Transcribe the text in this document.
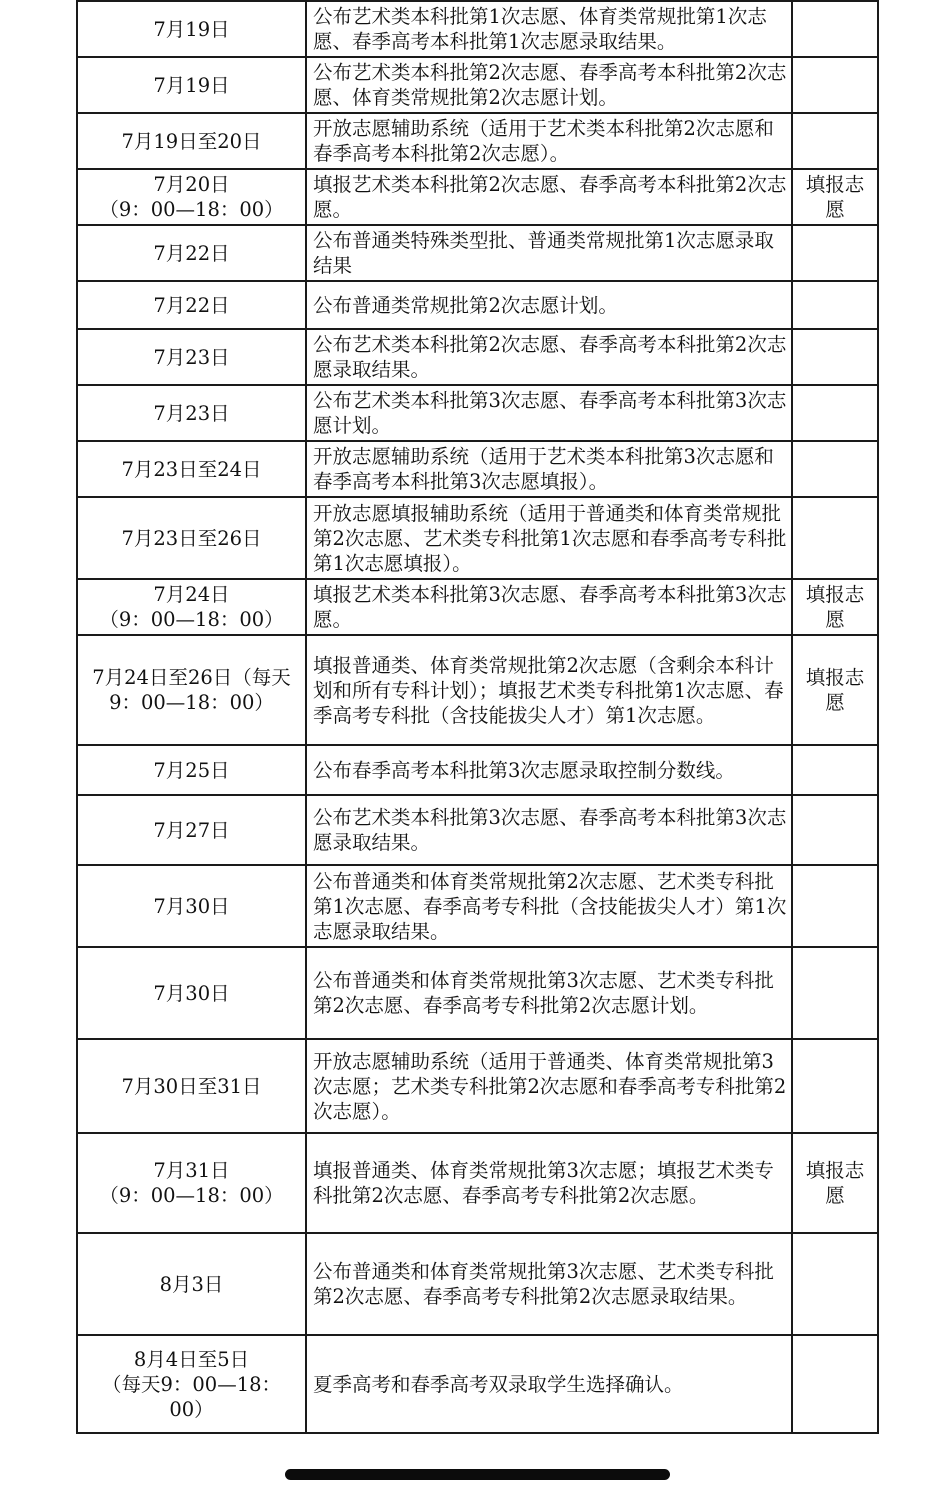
7月19日	公布艺术类本科批第1次志愿、体育类常规批第1次志愿、春季高考本科批第1次志愿录取结果。	

7月19日	公布艺术类本科批第2次志愿、春季高考本科批第2次志愿、体育类常规批第2次志愿计划。	

7月19日至20日	开放志愿辅助系统（适用于艺术类本科批第2次志愿和春季高考本科批第2次志愿）。	

7月20日
（9：00—18：00）	填报艺术类本科批第2次志愿、春季高考本科批第2次志愿。	填报志愿

7月22日	公布普通类特殊类型批、普通类常规批第1次志愿录取结果	

7月22日	公布普通类常规批第2次志愿计划。	

7月23日	公布艺术类本科批第2次志愿、春季高考本科批第2次志愿录取结果。	

7月23日	公布艺术类本科批第3次志愿、春季高考本科批第3次志愿计划。	

7月23日至24日	开放志愿辅助系统（适用于艺术类本科批第3次志愿和春季高考本科批第3次志愿填报）。	

7月23日至26日	开放志愿填报辅助系统（适用于普通类和体育类常规批第2次志愿、艺术类专科批第1次志愿和春季高考专科批第1次志愿填报）。	

7月24日
（9：00—18：00）	填报艺术类本科批第3次志愿、春季高考本科批第3次志愿。	填报志愿

7月24日至26日（每天
9：00—18：00）	填报普通类、体育类常规批第2次志愿（含剩余本科计划和所有专科计划）；填报艺术类专科批第1次志愿、春季高考专科批（含技能拔尖人才）第1次志愿。	填报志愿

7月25日	公布春季高考本科批第3次志愿录取控制分数线。	

7月27日	公布艺术类本科批第3次志愿、春季高考本科批第3次志愿录取结果。	

7月30日	公布普通类和体育类常规批第2次志愿、艺术类专科批第1次志愿、春季高考专科批（含技能拔尖人才）第1次志愿录取结果。	

7月30日	公布普通类和体育类常规批第3次志愿、艺术类专科批第2次志愿、春季高考专科批第2次志愿计划。	

7月30日至31日	开放志愿辅助系统（适用于普通类、体育类常规批第3次志愿；艺术类专科批第2次志愿和春季高考专科批第2次志愿）。	

7月31日
（9：00—18：00）	填报普通类、体育类常规批第3次志愿；填报艺术类专科批第2次志愿、春季高考专科批第2次志愿。	填报志愿

8月3日	公布普通类和体育类常规批第3次志愿、艺术类专科批第2次志愿、春季高考专科批第2次志愿录取结果。	

8月4日至5日
（每天9：00—18：
00）	夏季高考和春季高考双录取学生选择确认。	
